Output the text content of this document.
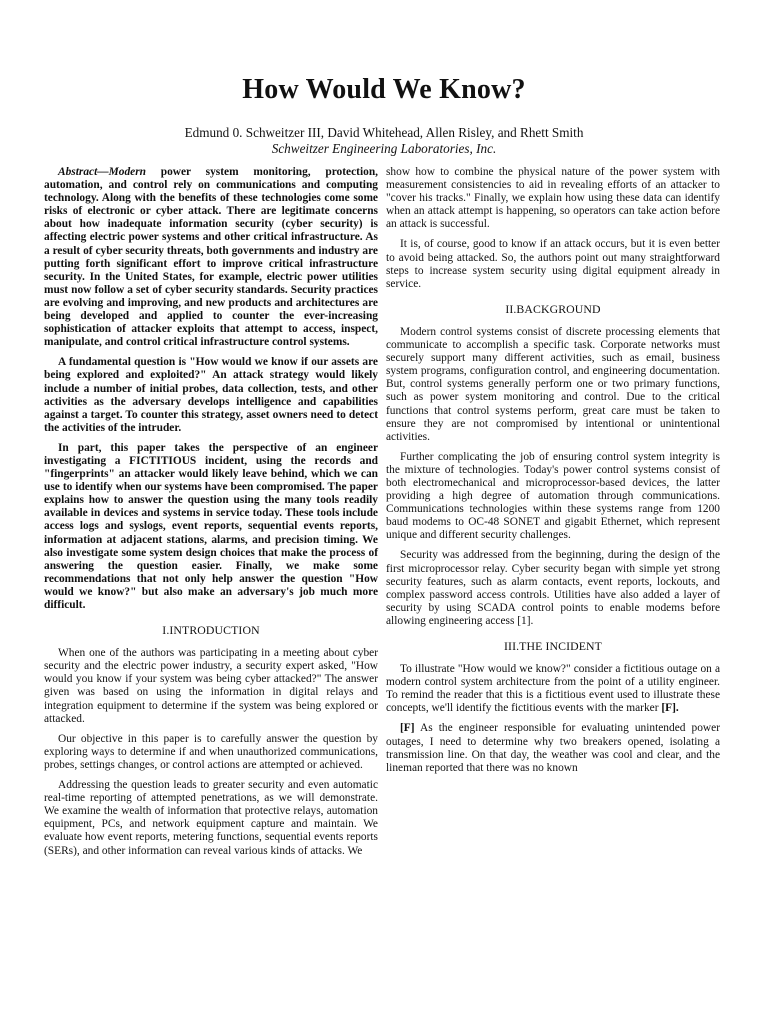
How Would We Know?
Edmund 0. Schweitzer III, David Whitehead, Allen Risley, and Rhett Smith
Schweitzer Engineering Laboratories, Inc.

Abstract—Modern power system monitoring, protection, automation, and control rely on communications and computing technology. Along with the benefits of these technologies come some risks of electronic or cyber attack. There are legitimate concerns about how inadequate information security (cyber security) is affecting electric power systems and other critical infrastructure. As a result of cyber security threats, both governments and industry are putting forth significant effort to improve critical infrastructure security. In the United States, for example, electric power utilities must now follow a set of cyber security standards. Security practices are evolving and improving, and new products and architectures are being developed and applied to counter the ever-increasing sophistication of attacker exploits that attempt to access, inspect, manipulate, and control critical infrastructure control systems.

A fundamental question is "How would we know if our assets are being explored and exploited?" An attack strategy would likely include a number of initial probes, data collection, tests, and other activities as the adversary develops intelligence and capabilities against a target. To counter this strategy, asset owners need to detect the activities of the intruder.

In part, this paper takes the perspective of an engineer investigating a FICTITIOUS incident, using the records and "fingerprints" an attacker would likely leave behind, which we can use to identify when our systems have been compromised. The paper explains how to answer the question using the many tools readily available in devices and systems in service today. These tools include access logs and syslogs, event reports, sequential events reports, information at adjacent stations, alarms, and precision timing. We also investigate some system design choices that make the process of answering the question easier. Finally, we make some recommendations that not only help answer the question "How would we know?" but also make an adversary's job much more difficult.

I.INTRODUCTION

When one of the authors was participating in a meeting about cyber security and the electric power industry, a security expert asked, "How would you know if your system was being cyber attacked?" The answer given was based on using the information in digital relays and integration equipment to determine if the system was being explored or attacked.

Our objective in this paper is to carefully answer the question by exploring ways to determine if and when unauthorized communications, probes, settings changes, or control actions are attempted or achieved.

Addressing the question leads to greater security and even automatic real-time reporting of attempted penetrations, as we will demonstrate. We examine the wealth of information that protective relays, automation equipment, PCs, and network equipment capture and maintain. We evaluate how event reports, metering functions, sequential events reports (SERs), and other information can reveal various kinds of attacks. We

show how to combine the physical nature of the power system with measurement consistencies to aid in revealing efforts of an attacker to "cover his tracks." Finally, we explain how using these data can identify when an attack attempt is happening, so operators can take action before an attack is successful.

It is, of course, good to know if an attack occurs, but it is even better to avoid being attacked. So, the authors point out many straightforward steps to increase system security using digital equipment already in service.

II.BACKGROUND

Modern control systems consist of discrete processing elements that communicate to accomplish a specific task. Corporate networks must securely support many different activities, such as email, business system programs, configuration control, and engineering documentation. But, control systems generally perform one or two primary functions, such as power system monitoring and control. Due to the critical functions that control systems perform, great care must be taken to ensure they are not compromised by intentional or unintentional activities.

Further complicating the job of ensuring control system integrity is the mixture of technologies. Today's power control systems consist of both electromechanical and microprocessor-based devices, the latter providing a high degree of automation through communications. Communications technologies within these systems range from 1200 baud modems to OC-48 SONET and gigabit Ethernet, which represent unique and different security challenges.

Security was addressed from the beginning, during the design of the first microprocessor relay. Cyber security began with simple yet strong security features, such as alarm contacts, event reports, lockouts, and complex password access controls. Utilities have also added a layer of security by using SCADA control points to enable modems before allowing engineering access [1].

III.THE INCIDENT

To illustrate "How would we know?" consider a fictitious outage on a modern control system architecture from the point of a utility engineer. To remind the reader that this is a fictitious event used to illustrate these concepts, we'll identify the fictitious events with the marker [F].

[F] As the engineer responsible for evaluating unintended power outages, I need to determine why two breakers opened, isolating a transmission line. On that day, the weather was cool and clear, and the lineman reported that there was no known
